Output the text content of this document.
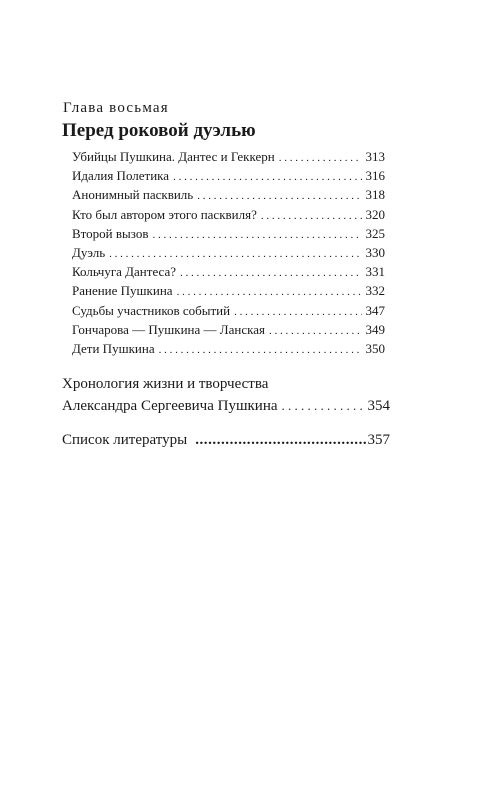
Глава восьмая
Перед роковой дуэлью
Убийцы Пушкина. Дантес и Геккерн . . .	313
Идалия Полетика . . .	316
Анонимный пасквиль . . .	318
Кто был автором этого пасквиля? . . .	320
Второй вызов . . .	325
Дуэль . . .	330
Кольчуга Дантеса? . . .	331
Ранение Пушкина . . .	332
Судьбы участников событий . . .	347
Гончарова — Пушкина — Ланская . . .	349
Дети Пушкина . . .	350
Хронология жизни и творчества
Александра Сергеевича Пушкина . . .	354
Список литературы . . .	357
